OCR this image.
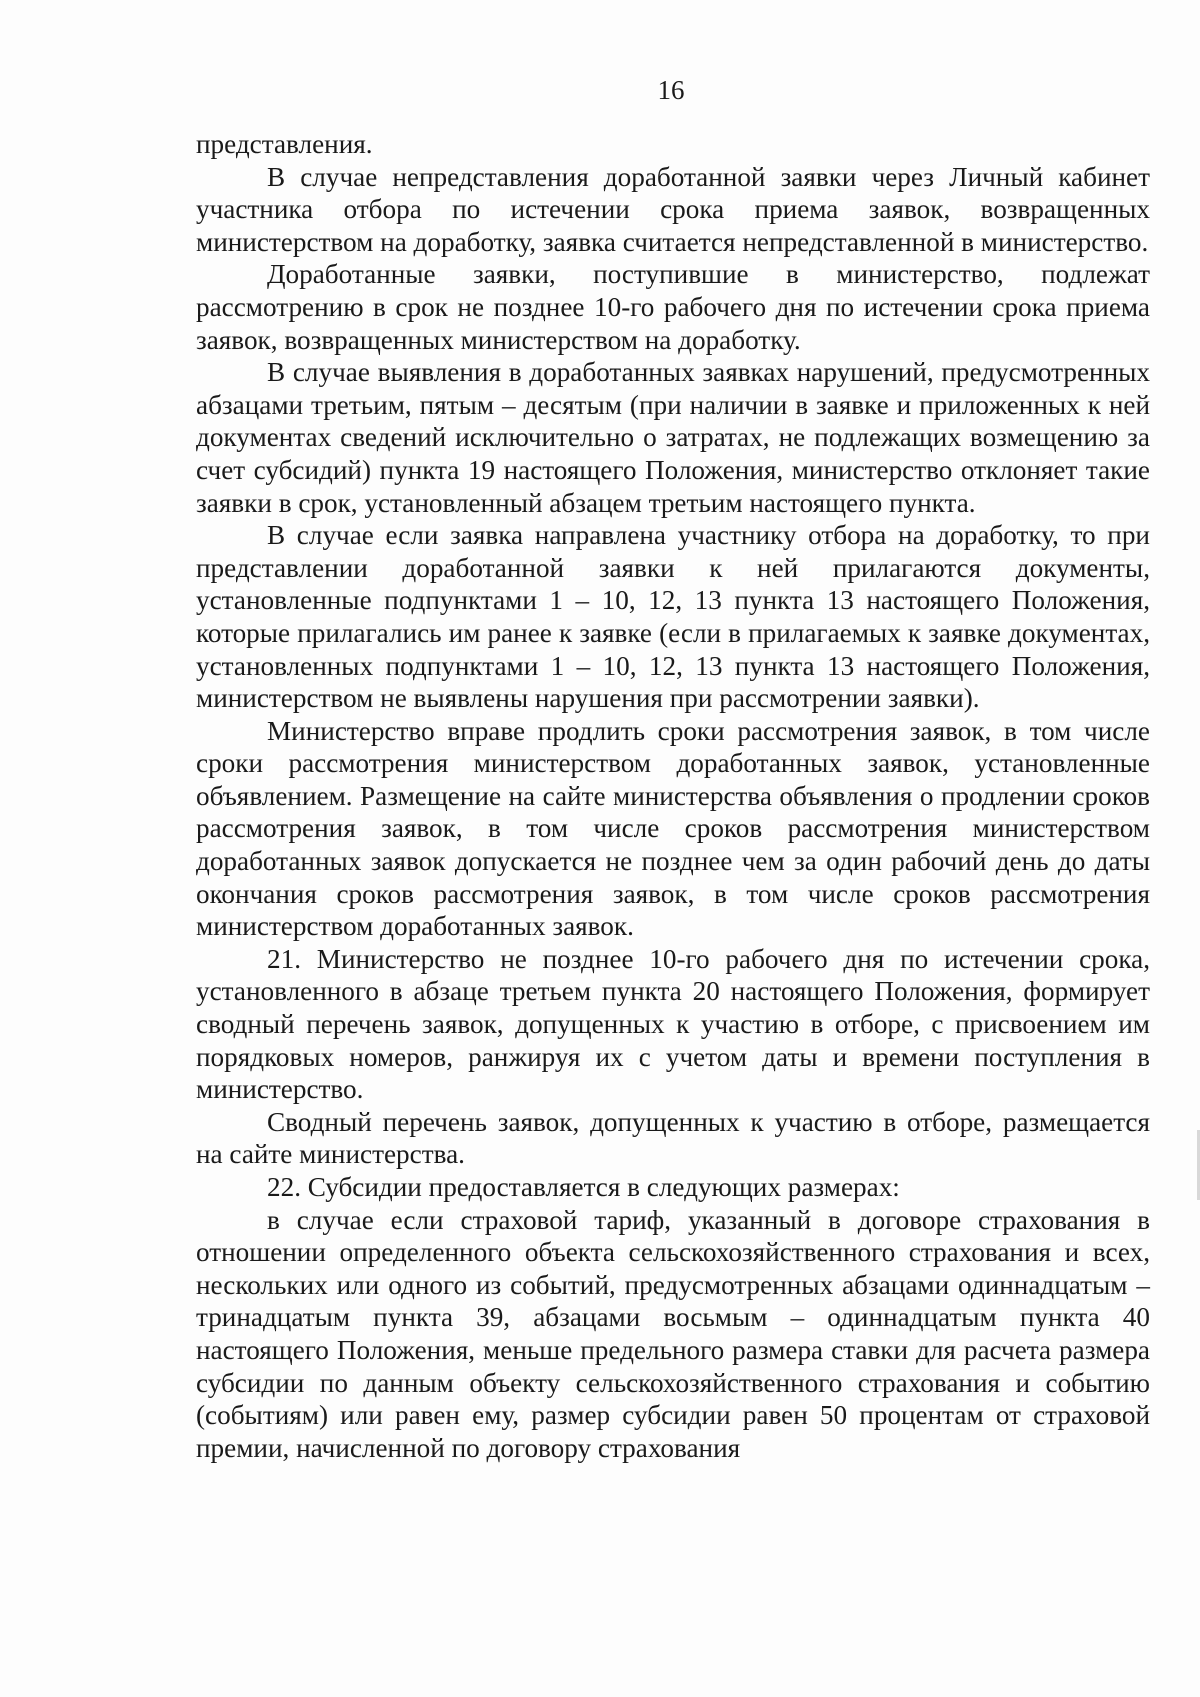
16

представления.

В случае непредставления доработанной заявки через Личный кабинет участника отбора по истечении срока приема заявок, возвращенных министерством на доработку, заявка считается непредставленной в министерство.

Доработанные заявки, поступившие в министерство, подлежат рассмотрению в срок не позднее 10-го рабочего дня по истечении срока приема заявок, возвращенных министерством на доработку.

В случае выявления в доработанных заявках нарушений, предусмотренных абзацами третьим, пятым – десятым (при наличии в заявке и приложенных к ней документах сведений исключительно о затратах, не подлежащих возмещению за счет субсидий) пункта 19 настоящего Положения, министерство отклоняет такие заявки в срок, установленный абзацем третьим настоящего пункта.

В случае если заявка направлена участнику отбора на доработку, то при представлении доработанной заявки к ней прилагаются документы, установленные подпунктами 1 – 10, 12, 13 пункта 13 настоящего Положения, которые прилагались им ранее к заявке (если в прилагаемых к заявке документах, установленных подпунктами 1 – 10, 12, 13 пункта 13 настоящего Положения, министерством не выявлены нарушения при рассмотрении заявки).

Министерство вправе продлить сроки рассмотрения заявок, в том числе сроки рассмотрения министерством доработанных заявок, установленные объявлением. Размещение на сайте министерства объявления о продлении сроков рассмотрения заявок, в том числе сроков рассмотрения министерством доработанных заявок допускается не позднее чем за один рабочий день до даты окончания сроков рассмотрения заявок, в том числе сроков рассмотрения министерством доработанных заявок.

21. Министерство не позднее 10-го рабочего дня по истечении срока, установленного в абзаце третьем пункта 20 настоящего Положения, формирует сводный перечень заявок, допущенных к участию в отборе, с присвоением им порядковых номеров, ранжируя их с учетом даты и времени поступления в министерство.

Сводный перечень заявок, допущенных к участию в отборе, размещается на сайте министерства.

22. Субсидии предоставляется в следующих размерах:

в случае если страховой тариф, указанный в договоре страхования в отношении определенного объекта сельскохозяйственного страхования и всех, нескольких или одного из событий, предусмотренных абзацами одиннадцатым – тринадцатым пункта 39, абзацами восьмым – одиннадцатым пункта 40 настоящего Положения, меньше предельного размера ставки для расчета размера субсидии по данным объекту сельскохозяйственного страхования и событию (событиям) или равен ему, размер субсидии равен 50 процентам от страховой премии, начисленной по договору страхования
